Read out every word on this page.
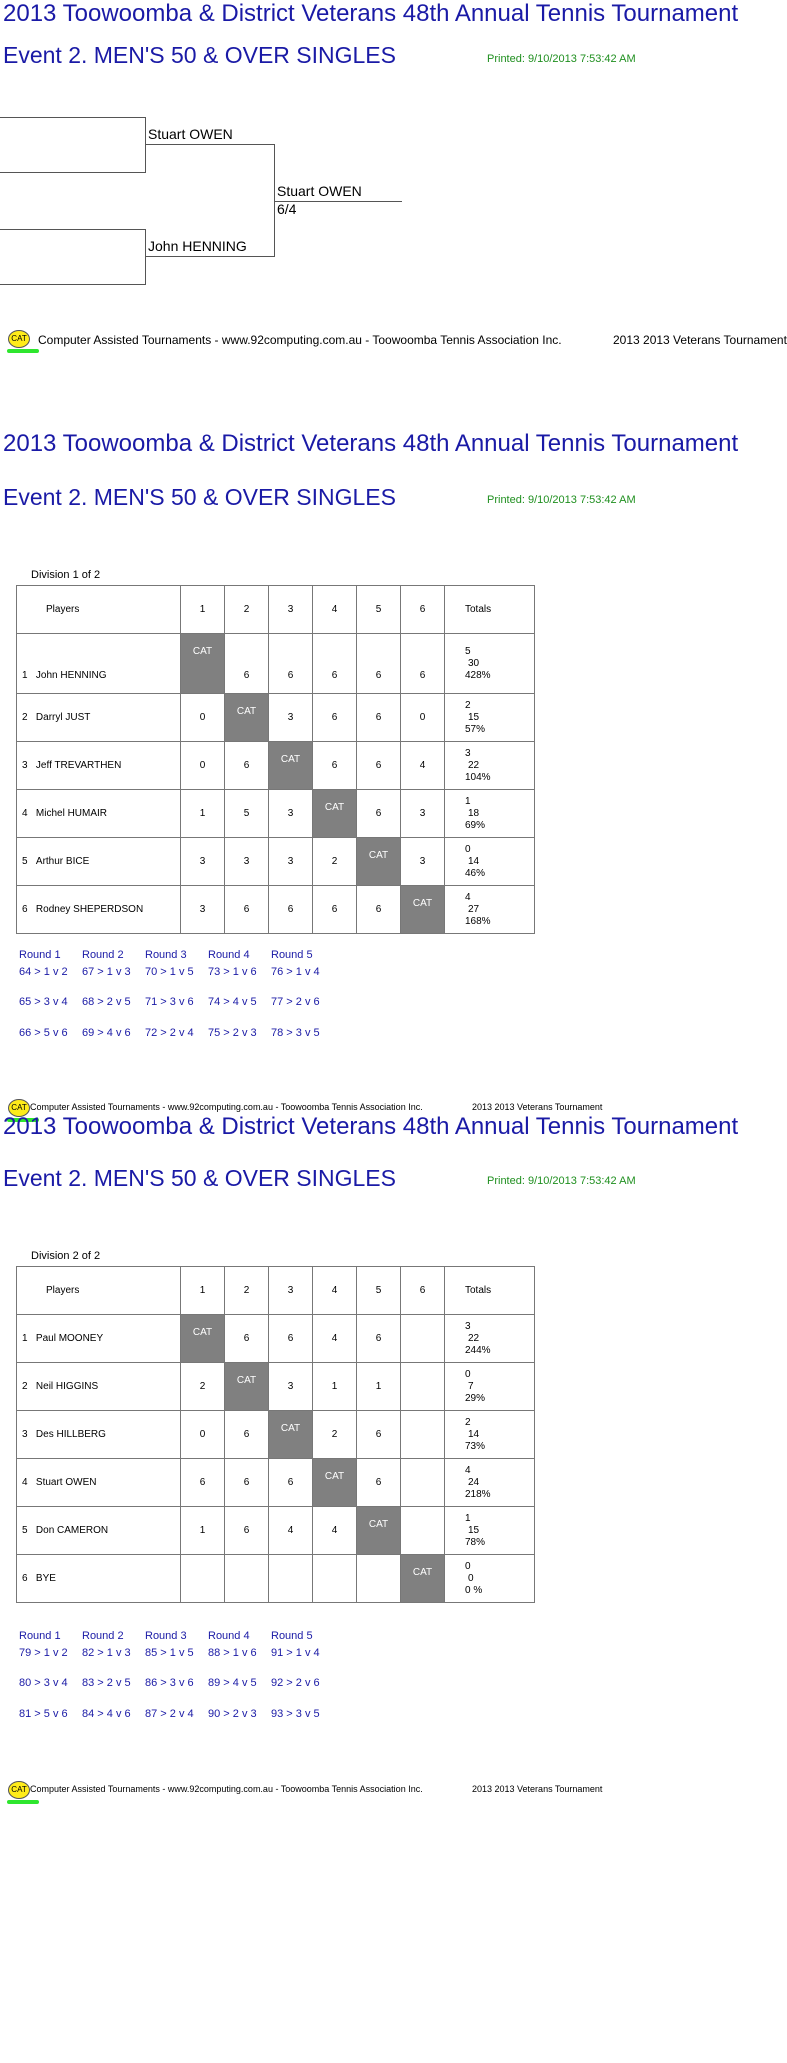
2013 Toowoomba & District Veterans 48th Annual Tennis Tournament
Event 2. MEN'S 50 & OVER SINGLES	Printed: 9/10/2013 7:53:42 AM
Stuart OWEN
John HENNING
Stuart OWEN
6/4
CAT Computer Assisted Tournaments - www.92computing.com.au - Toowoomba Tennis Association Inc.	2013 2013 Veterans Tournament
2013 Toowoomba & District Veterans 48th Annual Tennis Tournament
Event 2. MEN'S 50 & OVER SINGLES	Printed: 9/10/2013 7:53:42 AM
Division 1 of 2
Players	1	2	3	4	5	6	Totals
1 John HENNING	CAT	6	6	6	6	6	5
30
428%

2 Darryl JUST	0	CAT	3	6	6	0	2
15
57%

3 Jeff TREVARTHEN	0	6	CAT	6	6	4	3
22
104%

4 Michel HUMAIR	1	5	3	CAT	6	3	1
18
69%

5 Arthur BICE	3	3	3	2	CAT	3	0
14
46%

6 Rodney SHEPERDSON	3	6	6	6	6	CAT	4
27
168%
Round 1
64 > 1 v 2
65 > 3 v 4
66 > 5 v 6
Round 2
67 > 1 v 3
68 > 2 v 5
69 > 4 v 6
Round 3
70 > 1 v 5
71 > 3 v 6
72 > 2 v 4
Round 4
73 > 1 v 6
74 > 4 v 5
75 > 2 v 3
Round 5
76 > 1 v 4
77 > 2 v 6
78 > 3 v 5
CAT Computer Assisted Tournaments - www.92computing.com.au - Toowoomba Tennis Association Inc.	2013 2013 Veterans Tournament
2013 Toowoomba & District Veterans 48th Annual Tennis Tournament
Event 2. MEN'S 50 & OVER SINGLES	Printed: 9/10/2013 7:53:42 AM
Division 2 of 2
Players	1	2	3	4	5	6	Totals
1 Paul MOONEY	CAT	6	6	4	6		3
22
244%

2 Neil HIGGINS	2	CAT	3	1	1		0
7
29%

3 Des HILLBERG	0	6	CAT	2	6		2
14
73%

4 Stuart OWEN	6	6	6	CAT	6		4
24
218%

5 Don CAMERON	1	6	4	4	CAT		1
15
78%

6 BYE						CAT	0
0
0 %
Round 1
79 > 1 v 2
80 > 3 v 4
81 > 5 v 6
Round 2
82 > 1 v 3
83 > 2 v 5
84 > 4 v 6
Round 3
85 > 1 v 5
86 > 3 v 6
87 > 2 v 4
Round 4
88 > 1 v 6
89 > 4 v 5
90 > 2 v 3
Round 5
91 > 1 v 4
92 > 2 v 6
93 > 3 v 5
CAT Computer Assisted Tournaments - www.92computing.com.au - Toowoomba Tennis Association Inc.	2013 2013 Veterans Tournament
